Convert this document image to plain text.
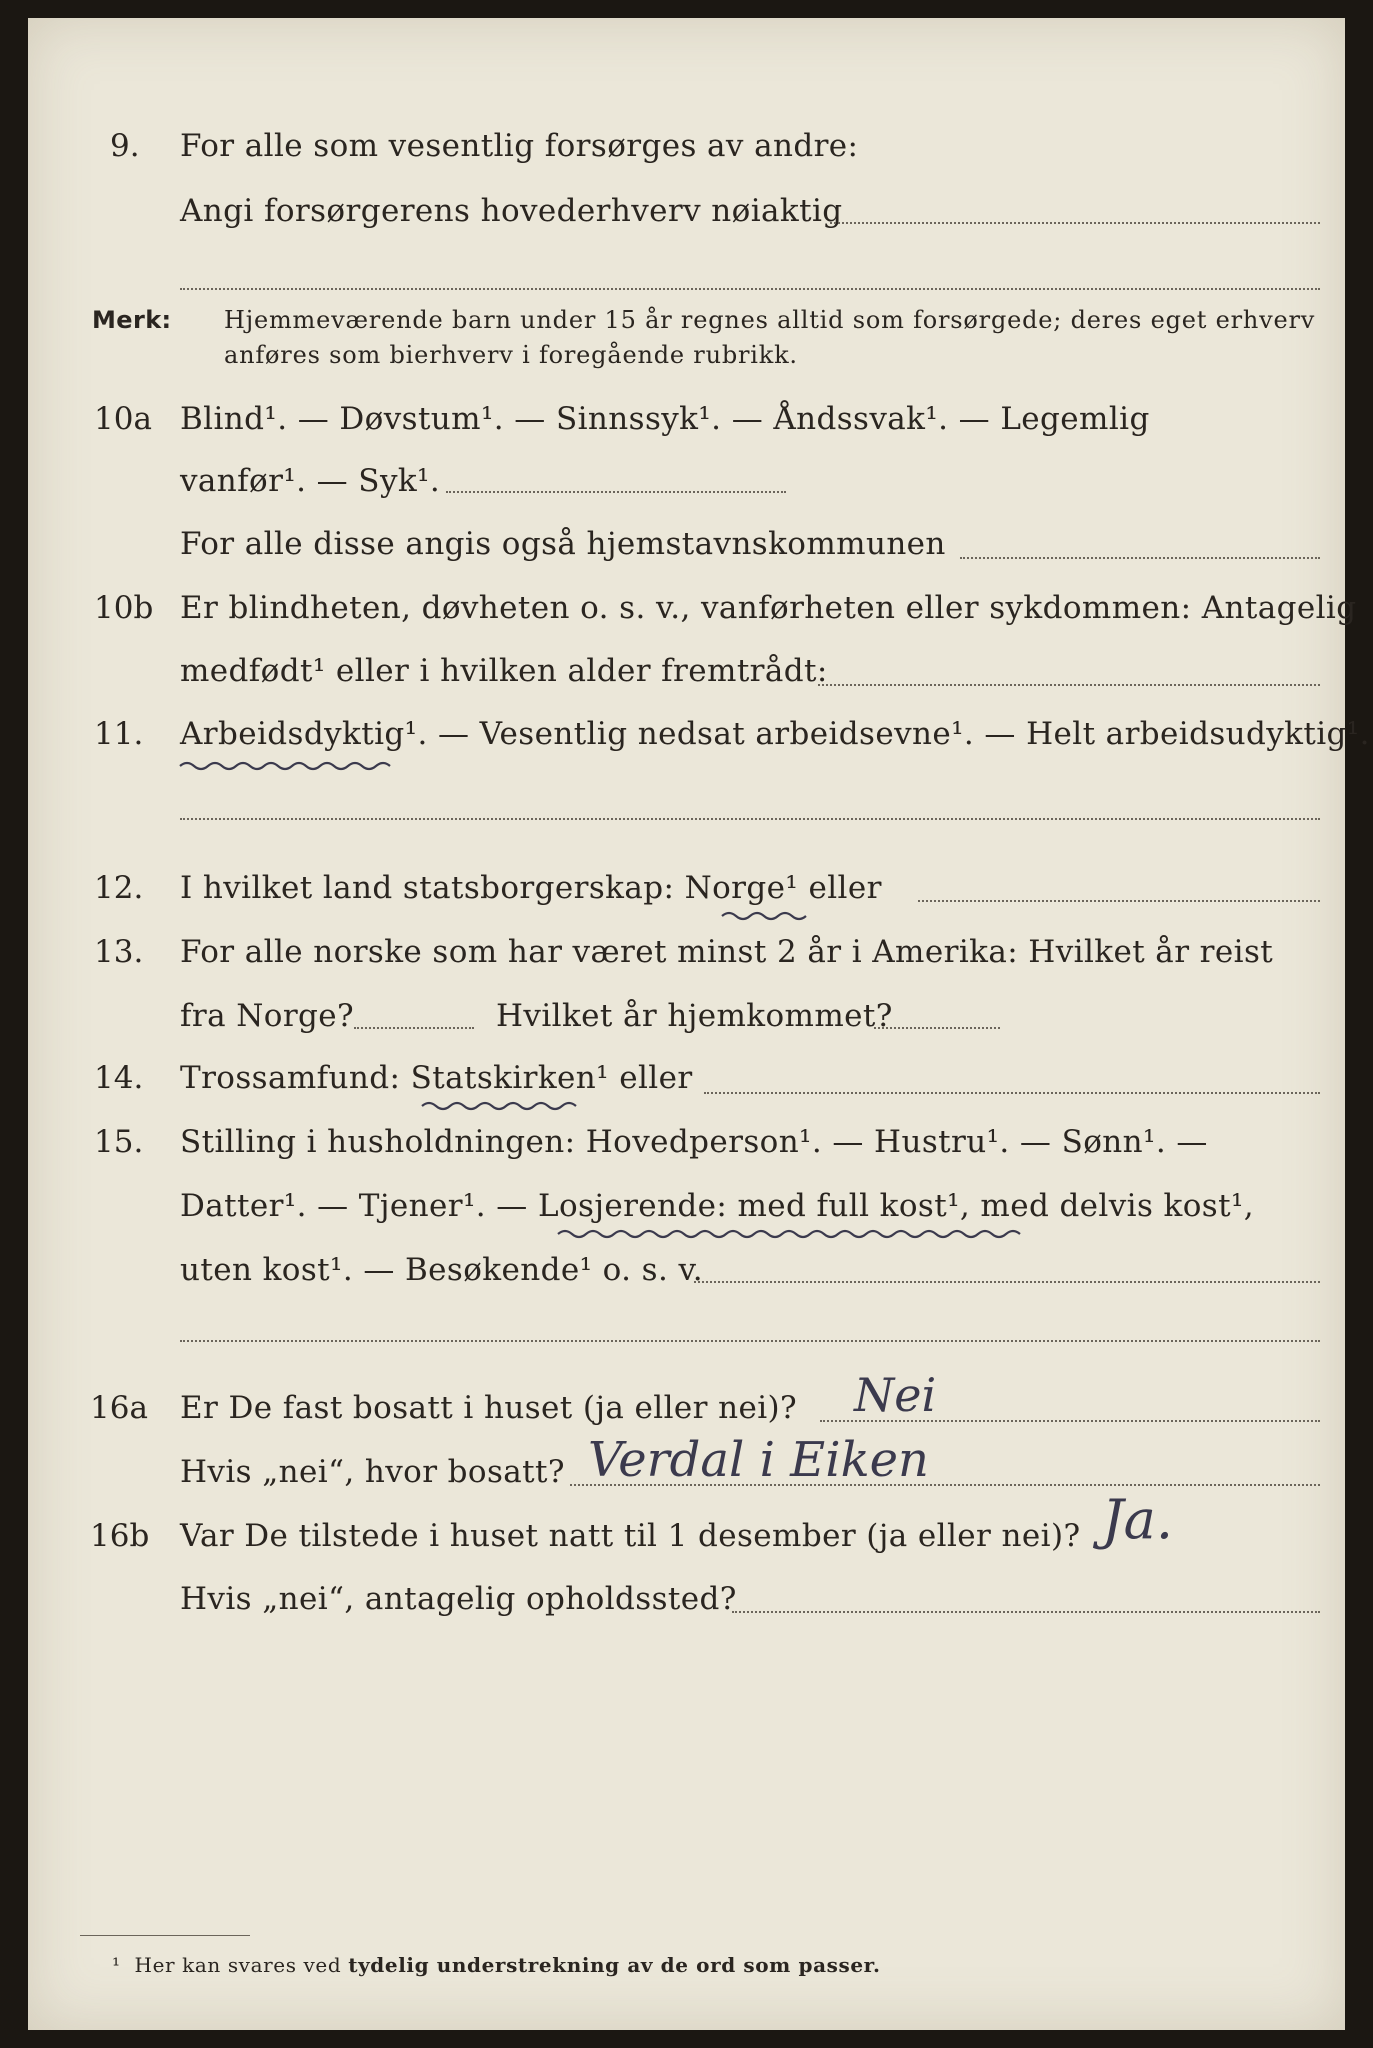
9. For alle som vesentlig forsørges av andre:
Angi forsørgerens hovederhverv nøiaktig
Merk: Hjemmeværende barn under 15 år regnes alltid som forsørgede; deres eget erhverv
anføres som bierhverv i foregående rubrikk.
10a Blind¹. — Døvstum¹. — Sinnssyk¹. — Åndssvak¹. — Legemlig
vanfør¹. — Syk¹.
For alle disse angis også hjemstavnskommunen
10b Er blindheten, døvheten o. s. v., vanførheten eller sykdommen: Antagelig
medfødt¹ eller i hvilken alder fremtrådt:
11. Arbeidsdyktig¹. — Vesentlig nedsat arbeidsevne¹. — Helt arbeidsudyktig¹.
12. I hvilket land statsborgerskap: Norge¹ eller
13. For alle norske som har været minst 2 år i Amerika: Hvilket år reist
fra Norge?	Hvilket år hjemkommet?
14. Trossamfund: Statskirken¹ eller
15. Stilling i husholdningen: Hovedperson¹. — Hustru¹. — Sønn¹. —
Datter¹. — Tjener¹. — Losjerende: med full kost¹, med delvis kost¹,
uten kost¹. — Besøkende¹ o. s. v.
16a Er De fast bosatt i huset (ja eller nei)? Nei
Hvis „nei“, hvor bosatt? Verdal i Eiken
16b Var De tilstede i huset natt til 1 desember (ja eller nei)? Ja.
Hvis „nei“, antagelig opholdssted?
¹ Her kan svares ved tydelig understrekning av de ord som passer.
